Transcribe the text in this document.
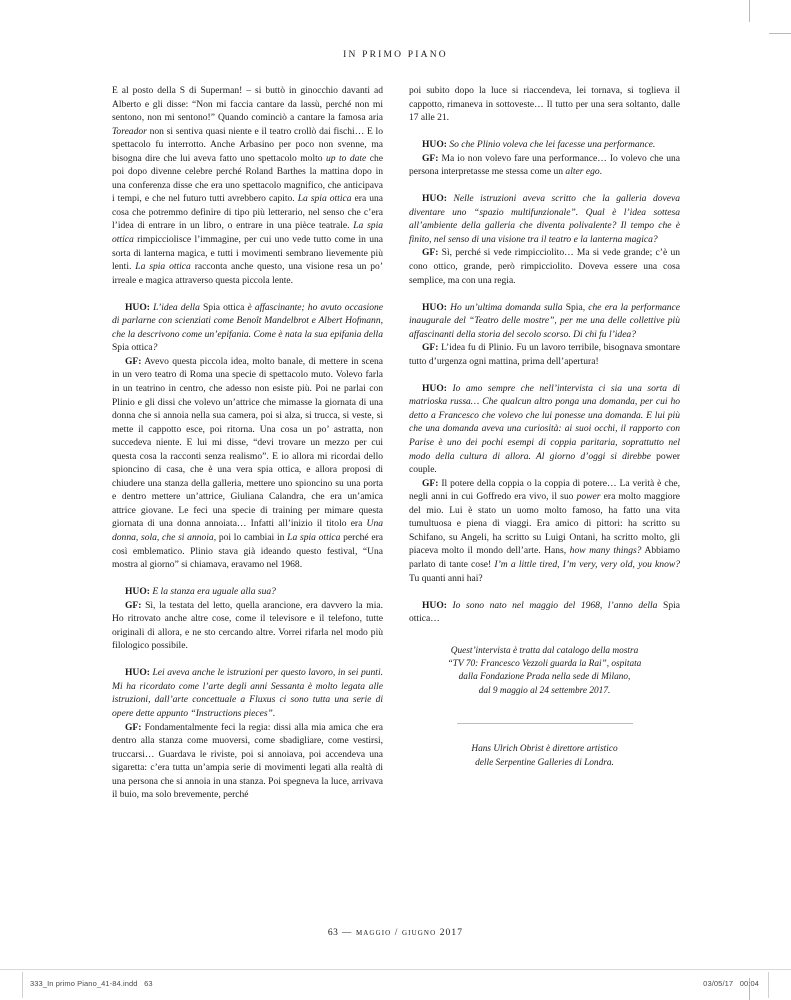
IN PRIMO PIANO

E al posto della S di Superman! – si buttò in ginocchio davanti ad Alberto e gli disse: “Non mi faccia cantare da lassù, perché non mi sentono, non mi sentono!” Quando cominciò a cantare la famosa aria Toreador non si sentiva quasi niente e il teatro crollò dai fischi… E lo spettacolo fu interrotto. Anche Arbasino per poco non svenne, ma bisogna dire che lui aveva fatto uno spettacolo molto up to date che poi dopo divenne celebre perché Roland Barthes la mattina dopo in una conferenza disse che era uno spettacolo magnifico, che anticipava i tempi, e che nel futuro tutti avrebbero capito. La spia ottica era una cosa che potremmo definire di tipo più letterario, nel senso che c’era l’idea di entrare in un libro, o entrare in una pièce teatrale. La spia ottica rimpicciolisce l’immagine, per cui uno vede tutto come in una sorta di lanterna magica, e tutti i movimenti sembrano lievemente più lenti. La spia ottica racconta anche questo, una visione resa un po’ irreale e magica attraverso questa piccola lente.

HUO: L’idea della Spia ottica è affascinante; ho avuto occasione di parlarne con scienziati come Benoît Mandelbrot e Albert Hofmann, che la descrivono come un’epifania. Come è nata la sua epifania della Spia ottica?

GF: Avevo questa piccola idea, molto banale, di mettere in scena in un vero teatro di Roma una specie di spettacolo muto. Volevo farla in un teatrino in centro, che adesso non esiste più. Poi ne parlai con Plinio e gli dissi che volevo un’attrice che mimasse la giornata di una donna che si annoia nella sua camera, poi si alza, si trucca, si veste, si mette il cappotto esce, poi ritorna. Una cosa un po’ astratta, non succedeva niente. E lui mi disse, “devi trovare un mezzo per cui questa cosa la racconti senza realismo”. E io allora mi ricordai dello spioncino di casa, che è una vera spia ottica, e allora proposi di chiudere una stanza della galleria, mettere uno spioncino su una porta e dentro mettere un’attrice, Giuliana Calandra, che era un’amica attrice giovane. Le feci una specie di training per mimare questa giornata di una donna annoiata… Infatti all’inizio il titolo era Una donna, sola, che si annoia, poi lo cambiai in La spia ottica perché era così emblematico. Plinio stava già ideando questo festival, “Una mostra al giorno” si chiamava, eravamo nel 1968.

HUO: E la stanza era uguale alla sua?

GF: Sì, la testata del letto, quella arancione, era davvero la mia. Ho ritrovato anche altre cose, come il televisore e il telefono, tutte originali di allora, e ne sto cercando altre. Vorrei rifarla nel modo più filologico possibile.

HUO: Lei aveva anche le istruzioni per questo lavoro, in sei punti. Mi ha ricordato come l’arte degli anni Sessanta è molto legata alle istruzioni, dall’arte concettuale a Fluxus ci sono tutta una serie di opere dette appunto “Instructions pieces”.

GF: Fondamentalmente feci la regia: dissi alla mia amica che era dentro alla stanza come muoversi, come sbadigliare, come vestirsi, truccarsi… Guardava le riviste, poi si annoiava, poi accendeva una sigaretta: c’era tutta un’ampia serie di movimenti legati alla realtà di una persona che si annoia in una stanza. Poi spegneva la luce, arrivava il buio, ma solo brevemente, perché

poi subito dopo la luce si riaccendeva, lei tornava, si toglieva il cappotto, rimaneva in sottoveste… Il tutto per una sera soltanto, dalle 17 alle 21.

HUO: So che Plinio voleva che lei facesse una performance.

GF: Ma io non volevo fare una performance… Io volevo che una persona interpretasse me stessa come un alter ego.

HUO: Nelle istruzioni aveva scritto che la galleria doveva diventare uno “spazio multifunzionale”. Qual è l’idea sottesa all’ambiente della galleria che diventa polivalente? Il tempo che è finito, nel senso di una visione tra il teatro e la lanterna magica?

GF: Sì, perché si vede rimpicciolito… Ma si vede grande; c’è un cono ottico, grande, però rimpicciolito. Doveva essere una cosa semplice, ma con una regia.

HUO: Ho un’ultima domanda sulla Spia, che era la performance inaugurale del “Teatro delle mostre”, per me una delle collettive più affascinanti della storia del secolo scorso. Di chi fu l’idea?

GF: L’idea fu di Plinio. Fu un lavoro terribile, bisognava smontare tutto d’urgenza ogni mattina, prima dell’apertura!

HUO: Io amo sempre che nell’intervista ci sia una sorta di matrioska russa… Che qualcun altro ponga una domanda, per cui ho detto a Francesco che volevo che lui ponesse una domanda. E lui più che una domanda aveva una curiosità: ai suoi occhi, il rapporto con Parise è uno dei pochi esempi di coppia paritaria, soprattutto nel modo della cultura di allora. Al giorno d’oggi si direbbe power couple.

GF: Il potere della coppia o la coppia di potere… La verità è che, negli anni in cui Goffredo era vivo, il suo power era molto maggiore del mio. Lui è stato un uomo molto famoso, ha fatto una vita tumultuosa e piena di viaggi. Era amico di pittori: ha scritto su Schifano, su Angeli, ha scritto su Luigi Ontani, ha scritto molto, gli piaceva molto il mondo dell’arte. Hans, how many things? Abbiamo parlato di tante cose! I’m a little tired, I’m very, very old, you know? Tu quanti anni hai?

HUO: Io sono nato nel maggio del 1968, l’anno della Spia ottica…

Quest’intervista è tratta dal catalogo della mostra
“TV 70: Francesco Vezzoli guarda la Rai”, ospitata
dalla Fondazione Prada nella sede di Milano,
dal 9 maggio al 24 settembre 2017.
Hans Ulrich Obrist è direttore artistico
delle Serpentine Galleries di Londra.
63 — maggio / giugno 2017
333_In primo Piano_41-84.indd   63	03/05/17   00:04
